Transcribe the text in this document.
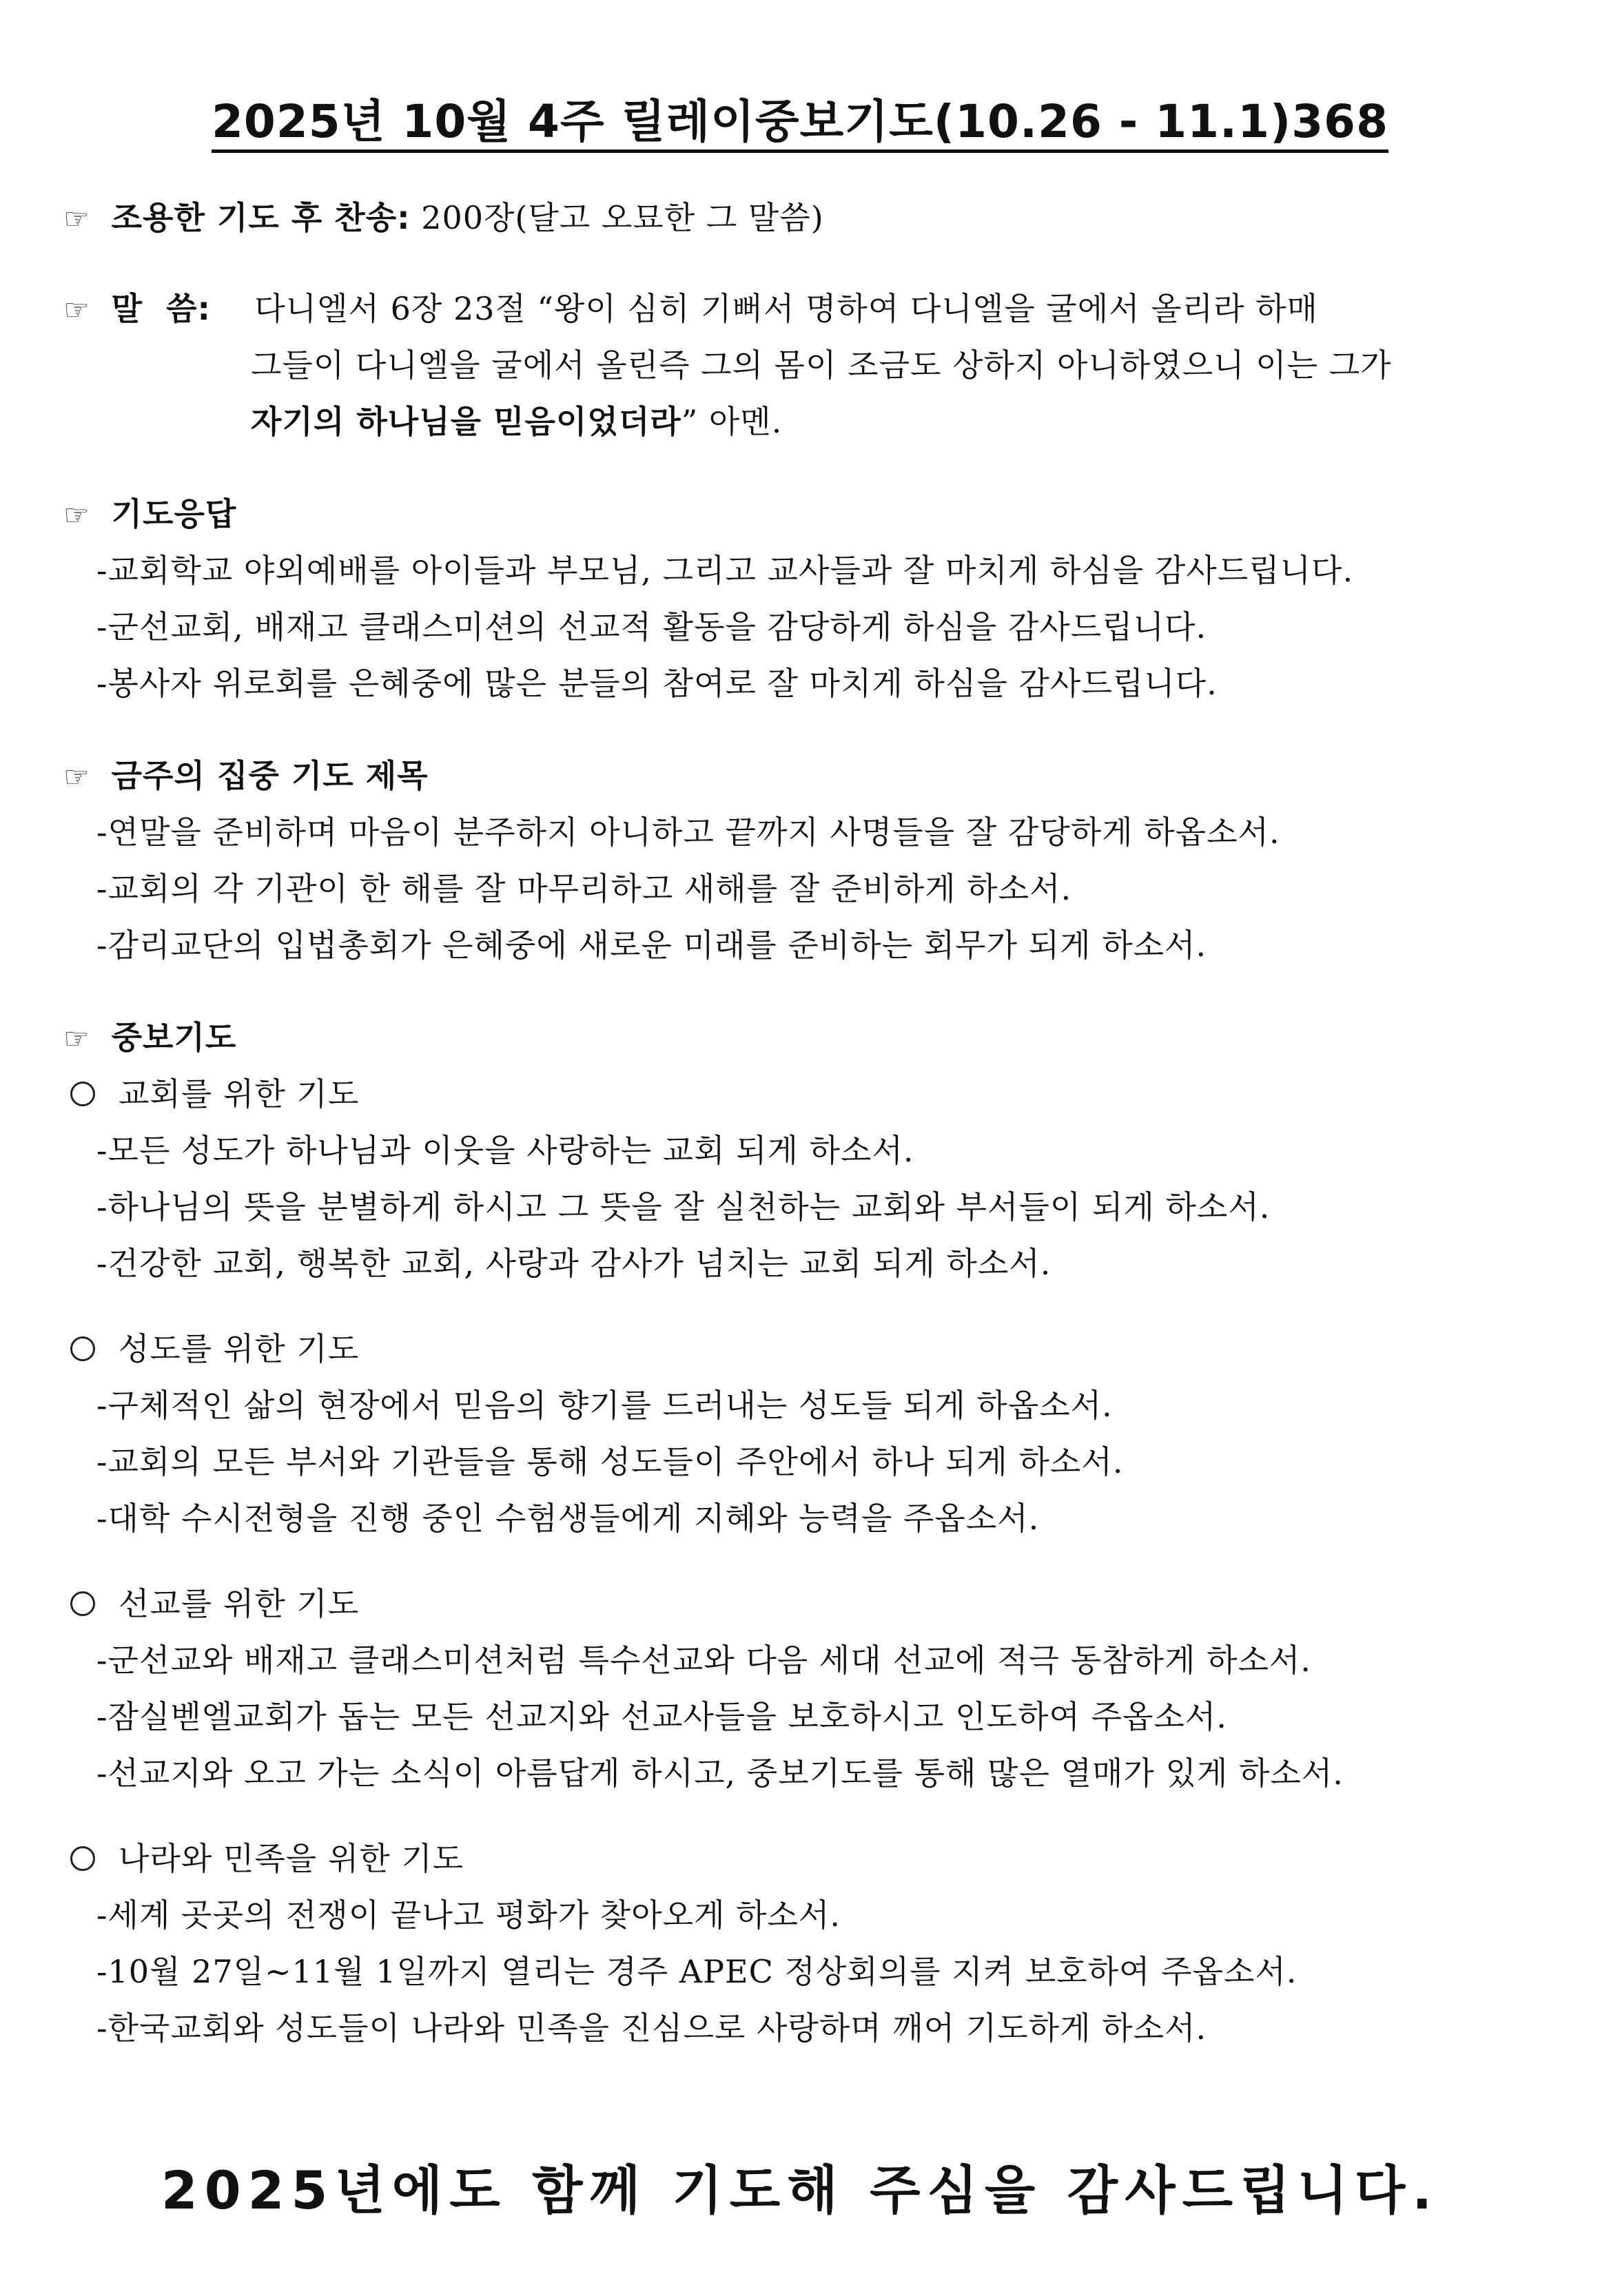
2025년 10월 4주 릴레이중보기도(10.26 - 11.1)368
☞ 조용한 기도 후 찬송: 200장(달고 오묘한 그 말씀)
☞ 말  씀: 다니엘서 6장 23절 “왕이 심히 기뻐서 명하여 다니엘을 굴에서 올리라 하매
그들이 다니엘을 굴에서 올린즉 그의 몸이 조금도 상하지 아니하였으니 이는 그가
자기의 하나님을 믿음이었더라” 아멘.
☞ 기도응답
-교회학교 야외예배를 아이들과 부모님, 그리고 교사들과 잘 마치게 하심을 감사드립니다.
-군선교회, 배재고 클래스미션의 선교적 활동을 감당하게 하심을 감사드립니다.
-봉사자 위로회를 은혜중에 많은 분들의 참여로 잘 마치게 하심을 감사드립니다.
☞ 금주의 집중 기도 제목
-연말을 준비하며 마음이 분주하지 아니하고 끝까지 사명들을 잘 감당하게 하옵소서.
-교회의 각 기관이 한 해를 잘 마무리하고 새해를 잘 준비하게 하소서.
-감리교단의 입법총회가 은혜중에 새로운 미래를 준비하는 회무가 되게 하소서.
☞ 중보기도
교회를 위한 기도
-모든 성도가 하나님과 이웃을 사랑하는 교회 되게 하소서.
-하나님의 뜻을 분별하게 하시고 그 뜻을 잘 실천하는 교회와 부서들이 되게 하소서.
-건강한 교회, 행복한 교회, 사랑과 감사가 넘치는 교회 되게 하소서.
성도를 위한 기도
-구체적인 삶의 현장에서 믿음의 향기를 드러내는 성도들 되게 하옵소서.
-교회의 모든 부서와 기관들을 통해 성도들이 주안에서 하나 되게 하소서.
-대학 수시전형을 진행 중인 수험생들에게 지혜와 능력을 주옵소서.
선교를 위한 기도
-군선교와 배재고 클래스미션처럼 특수선교와 다음 세대 선교에 적극 동참하게 하소서.
-잠실벧엘교회가 돕는 모든 선교지와 선교사들을 보호하시고 인도하여 주옵소서.
-선교지와 오고 가는 소식이 아름답게 하시고, 중보기도를 통해 많은 열매가 있게 하소서.
나라와 민족을 위한 기도
-세계 곳곳의 전쟁이 끝나고 평화가 찾아오게 하소서.
-10월 27일~11월 1일까지 열리는 경주 APEC 정상회의를 지켜 보호하여 주옵소서.
-한국교회와 성도들이 나라와 민족을 진심으로 사랑하며 깨어 기도하게 하소서.
2025년에도 함께 기도해 주심을 감사드립니다.
